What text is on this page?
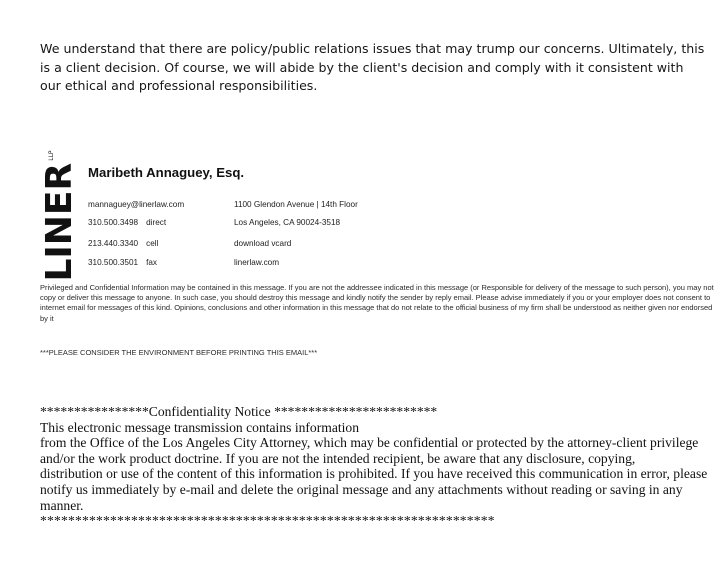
We understand that there are policy/public relations issues that may trump our concerns. Ultimately, this is a client decision. Of course, we will abide by the client's decision and comply with it consistent with our ethical and professional responsibilities.
LINER
LLP
Maribeth Annaguey, Esq.
mannaguey@linerlaw.com
310.500.3498 direct
213.440.3340 cell
310.500.3501 fax
1100 Glendon Avenue | 14th Floor
Los Angeles, CA 90024-3518
download vcard
linerlaw.com
Privileged and Confidential Information may be contained in this message. If you are not the addressee indicated in this message (or Responsible for delivery of the message to such person), you may not copy or deliver this message to anyone. In such case, you should destroy this message and kindly notify the sender by reply email. Please advise immediately if you or your employer does not consent to internet email for messages of this kind. Opinions, conclusions and other information in this message that do not relate to the official business of my firm shall be understood as neither given nor endorsed by it
***PLEASE CONSIDER THE ENVIRONMENT BEFORE PRINTING THIS EMAIL***

****************Confidentiality Notice ************************

This electronic message transmission contains information
from the Office of the Los Angeles City Attorney, which may be confidential or protected by the attorney-client privilege and/or the work product doctrine. If you are not the intended recipient, be aware that any disclosure, copying,
distribution or use of the content of this information is prohibited. If you have received this communication in error, please notify us immediately by e-mail and delete the original message and any attachments without reading or saving in any manner.

*****************************************************************
